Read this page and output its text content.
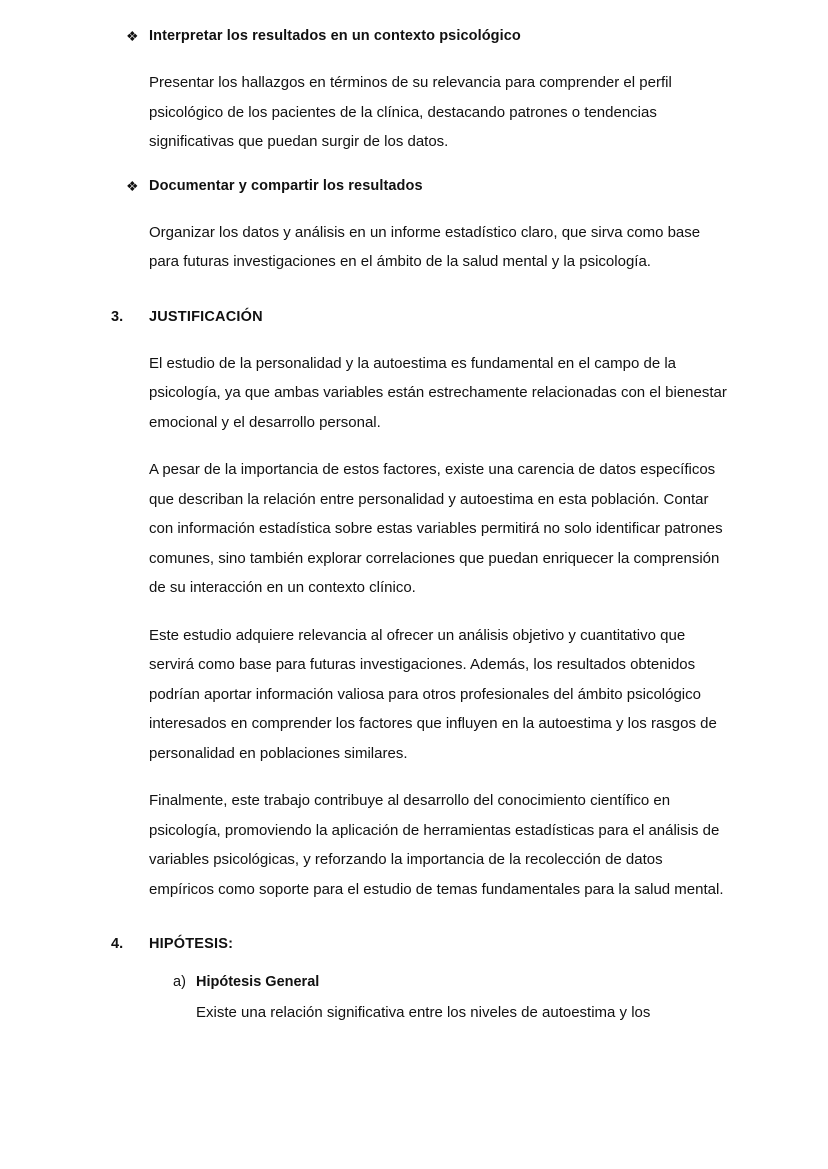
❖ Interpretar los resultados en un contexto psicológico

Presentar los hallazgos en términos de su relevancia para comprender el perfil psicológico de los pacientes de la clínica, destacando patrones o tendencias significativas que puedan surgir de los datos.

❖ Documentar y compartir los resultados

Organizar los datos y análisis en un informe estadístico claro, que sirva como base para futuras investigaciones en el ámbito de la salud mental y la psicología.

3.	JUSTIFICACIÓN

El estudio de la personalidad y la autoestima es fundamental en el campo de la psicología, ya que ambas variables están estrechamente relacionadas con el bienestar emocional y el desarrollo personal.

A pesar de la importancia de estos factores, existe una carencia de datos específicos que describan la relación entre personalidad y autoestima en esta población. Contar con información estadística sobre estas variables permitirá no solo identificar patrones comunes, sino también explorar correlaciones que puedan enriquecer la comprensión de su interacción en un contexto clínico.

Este estudio adquiere relevancia al ofrecer un análisis objetivo y cuantitativo que servirá como base para futuras investigaciones. Además, los resultados obtenidos podrían aportar información valiosa para otros profesionales del ámbito psicológico interesados en comprender los factores que influyen en la autoestima y los rasgos de personalidad en poblaciones similares.

Finalmente, este trabajo contribuye al desarrollo del conocimiento científico en psicología, promoviendo la aplicación de herramientas estadísticas para el análisis de variables psicológicas, y reforzando la importancia de la recolección de datos empíricos como soporte para el estudio de temas fundamentales para la salud mental.

4.	HIPÓTESIS:
a) Hipótesis General

Existe una relación significativa entre los niveles de autoestima y los
